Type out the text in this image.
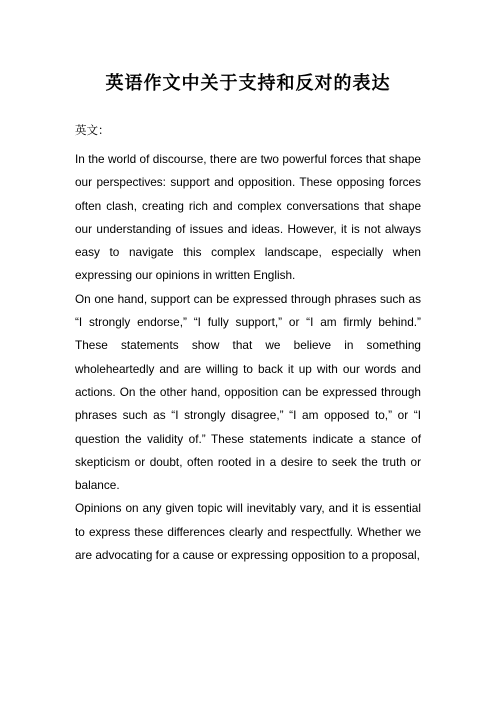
英语作文中关于支持和反对的表达
英文：

In the world of discourse, there are two powerful forces that shape our perspectives: support and opposition. These opposing forces often clash, creating rich and complex conversations that shape our understanding of issues and ideas. However, it is not always easy to navigate this complex landscape, especially when expressing our opinions in written English.

On one hand, support can be expressed through phrases such as “I strongly endorse,” “I fully support,” or “I am firmly behind.” These statements show that we believe in something wholeheartedly and are willing to back it up with our words and actions. On the other hand, opposition can be expressed through phrases such as “I strongly disagree,” “I am opposed to,” or “I question the validity of.” These statements indicate a stance of skepticism or doubt, often rooted in a desire to seek the truth or balance.

Opinions on any given topic will inevitably vary, and it is essential to express these differences clearly and respectfully. Whether we are advocating for a cause or expressing opposition to a proposal,
